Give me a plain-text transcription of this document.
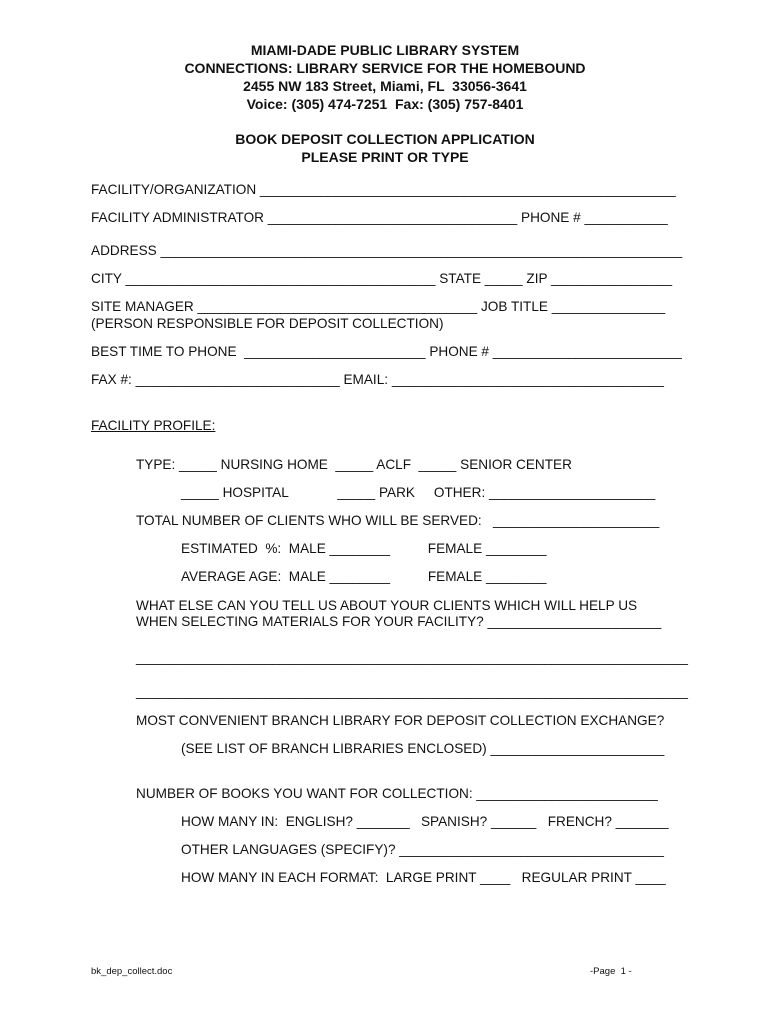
MIAMI-DADE PUBLIC LIBRARY SYSTEM
CONNECTIONS: LIBRARY SERVICE FOR THE HOMEBOUND
2455 NW 183 Street, Miami, FL  33056-3641
Voice: (305) 474-7251  Fax: (305) 757-8401
BOOK DEPOSIT COLLECTION APPLICATION
PLEASE PRINT OR TYPE
FACILITY/ORGANIZATION _______________________________________________________
FACILITY ADMINISTRATOR _________________________________ PHONE # ___________
ADDRESS _____________________________________________________________________
CITY _________________________________________ STATE _____ ZIP ________________
SITE MANAGER _____________________________________ JOB TITLE _______________
(PERSON RESPONSIBLE FOR DEPOSIT COLLECTION)
BEST TIME TO PHONE  ________________________ PHONE # _________________________
FAX #: ___________________________ EMAIL: ____________________________________
FACILITY PROFILE:
TYPE: _____ NURSING HOME  _____ ACLF  _____ SENIOR CENTER
_____ HOSPITAL             _____ PARK     OTHER: ______________________
TOTAL NUMBER OF CLIENTS WHO WILL BE SERVED:   ______________________
ESTIMATED  %:  MALE ________          FEMALE ________
AVERAGE AGE:  MALE ________          FEMALE ________
WHAT ELSE CAN YOU TELL US ABOUT YOUR CLIENTS WHICH WILL HELP US
WHEN SELECTING MATERIALS FOR YOUR FACILITY? _______________________
_________________________________________________________________________
_________________________________________________________________________
MOST CONVENIENT BRANCH LIBRARY FOR DEPOSIT COLLECTION EXCHANGE?
(SEE LIST OF BRANCH LIBRARIES ENCLOSED) _______________________
NUMBER OF BOOKS YOU WANT FOR COLLECTION: ________________________
HOW MANY IN:  ENGLISH? _______   SPANISH? ______   FRENCH? _______
OTHER LANGUAGES (SPECIFY)? ___________________________________
HOW MANY IN EACH FORMAT:  LARGE PRINT ____   REGULAR PRINT ____
bk_dep_collect.doc	-Page  1 -
